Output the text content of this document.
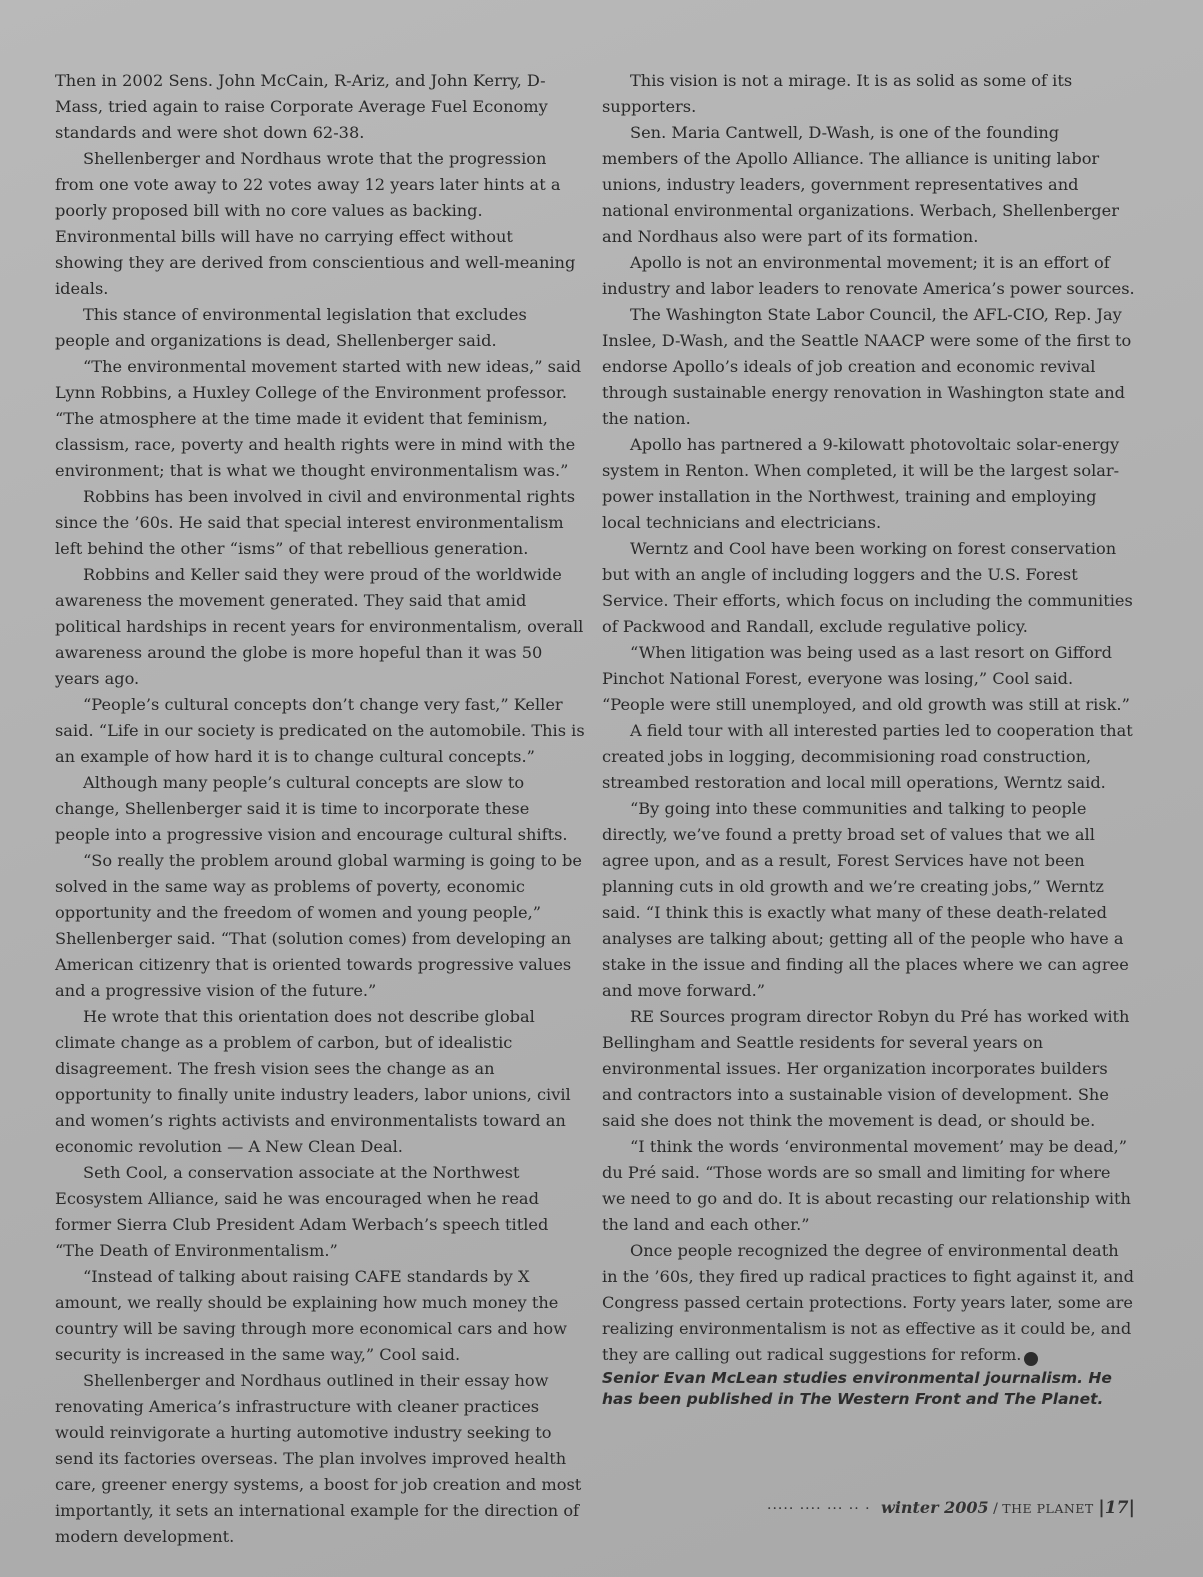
Then in 2002 Sens. John McCain, R-Ariz, and John Kerry, D-Mass, tried again to raise Corporate Average Fuel Economy standards and were shot down 62-38.

Shellenberger and Nordhaus wrote that the progression from one vote away to 22 votes away 12 years later hints at a poorly proposed bill with no core values as backing. Environmental bills will have no carrying effect without showing they are derived from conscientious and well-meaning ideals.

This stance of environmental legislation that excludes people and organizations is dead, Shellenberger said.

“The environmental movement started with new ideas,” said Lynn Robbins, a Huxley College of the Environment professor. “The atmosphere at the time made it evident that feminism, classism, race, poverty and health rights were in mind with the environment; that is what we thought environmentalism was.”

Robbins has been involved in civil and environmental rights since the ’60s. He said that special interest environmentalism left behind the other “isms” of that rebellious generation.

Robbins and Keller said they were proud of the worldwide awareness the movement generated. They said that amid political hardships in recent years for environmentalism, overall awareness around the globe is more hopeful than it was 50 years ago.

“People’s cultural concepts don’t change very fast,” Keller said. “Life in our society is predicated on the automobile. This is an example of how hard it is to change cultural concepts.”

Although many people’s cultural concepts are slow to change, Shellenberger said it is time to incorporate these people into a progressive vision and encourage cultural shifts.

“So really the problem around global warming is going to be solved in the same way as problems of poverty, economic opportunity and the freedom of women and young people,” Shellenberger said. “That (solution comes) from developing an American citizenry that is oriented towards progressive values and a progressive vision of the future.”

He wrote that this orientation does not describe global climate change as a problem of carbon, but of idealistic disagreement. The fresh vision sees the change as an opportunity to finally unite industry leaders, labor unions, civil and women’s rights activists and environmentalists toward an economic revolution — A New Clean Deal.

Seth Cool, a conservation associate at the Northwest Ecosystem Alliance, said he was encouraged when he read former Sierra Club President Adam Werbach’s speech titled “The Death of Environmentalism.”

“Instead of talking about raising CAFE standards by X amount, we really should be explaining how much money the country will be saving through more economical cars and how security is increased in the same way,” Cool said.

Shellenberger and Nordhaus outlined in their essay how renovating America’s infrastructure with cleaner practices would reinvigorate a hurting automotive industry seeking to send its factories overseas. The plan involves improved health care, greener energy systems, a boost for job creation and most importantly, it sets an international example for the direction of modern development.

This vision is not a mirage. It is as solid as some of its supporters.

Sen. Maria Cantwell, D-Wash, is one of the founding members of the Apollo Alliance. The alliance is uniting labor unions, industry leaders, government representatives and national environmental organizations. Werbach, Shellenberger and Nordhaus also were part of its formation.

Apollo is not an environmental movement; it is an effort of industry and labor leaders to renovate America’s power sources.

The Washington State Labor Council, the AFL-CIO, Rep. Jay Inslee, D-Wash, and the Seattle NAACP were some of the first to endorse Apollo’s ideals of job creation and economic revival through sustainable energy renovation in Washington state and the nation.

Apollo has partnered a 9-kilowatt photovoltaic solar-energy system in Renton. When completed, it will be the largest solar-power installation in the Northwest, training and employing local technicians and electricians.

Werntz and Cool have been working on forest conservation but with an angle of including loggers and the U.S. Forest Service. Their efforts, which focus on including the communities of Packwood and Randall, exclude regulative policy.

“When litigation was being used as a last resort on Gifford Pinchot National Forest, everyone was losing,” Cool said. “People were still unemployed, and old growth was still at risk.”

A field tour with all interested parties led to cooperation that created jobs in logging, decommisioning road construction, streambed restoration and local mill operations, Werntz said.

“By going into these communities and talking to people directly, we’ve found a pretty broad set of values that we all agree upon, and as a result, Forest Services have not been planning cuts in old growth and we’re creating jobs,” Werntz said. “I think this is exactly what many of these death-related analyses are talking about; getting all of the people who have a stake in the issue and finding all the places where we can agree and move forward.”

RE Sources program director Robyn du Pré has worked with Bellingham and Seattle residents for several years on environmental issues. Her organization incorporates builders and contractors into a sustainable vision of development. She said she does not think the movement is dead, or should be.

“I think the words ‘environmental movement’ may be dead,” du Pré said. “Those words are so small and limiting for where we need to go and do. It is about recasting our relationship with the land and each other.”

Once people recognized the degree of environmental death in the ’60s, they fired up radical practices to fight against it, and Congress passed certain protections. Forty years later, some are realizing environmentalism is not as effective as it could be, and they are calling out radical suggestions for reform.

Senior Evan McLean studies environmental journalism. He has been published in The Western Front and The Planet.

····· ···· ··· ·· · winter 2005 / THE PLANET |17|
